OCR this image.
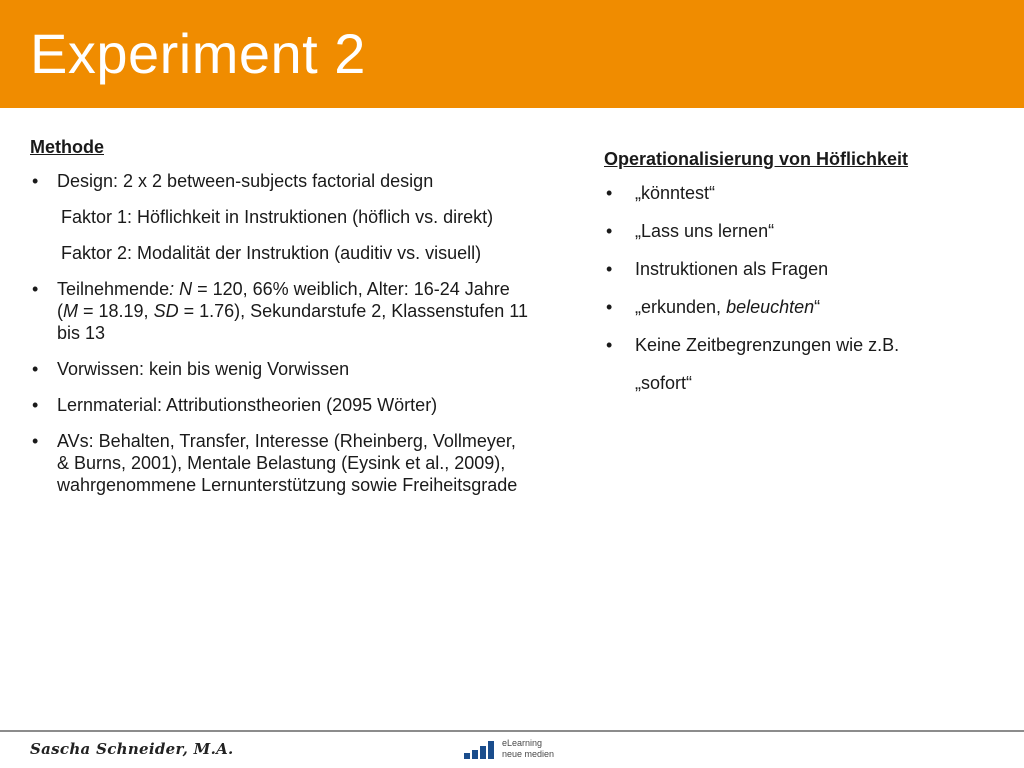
Experiment 2
Methode
• Design: 2 x 2 between-subjects factorial design
Faktor 1: Höflichkeit in Instruktionen (höflich vs. direkt)
Faktor 2: Modalität der Instruktion (auditiv vs. visuell)
• Teilnehmende: N = 120, 66% weiblich, Alter: 16-24 Jahre (M = 18.19, SD = 1.76), Sekundarstufe 2, Klassenstufen 11 bis 13
• Vorwissen: kein bis wenig Vorwissen
• Lernmaterial: Attributionstheorien (2095 Wörter)
• AVs: Behalten, Transfer, Interesse (Rheinberg, Vollmeyer, & Burns, 2001), Mentale Belastung (Eysink et al., 2009), wahrgenommene Lernunterstützung sowie Freiheitsgrade
Operationalisierung von Höflichkeit
• „könntest“
• „Lass uns lernen“
• Instruktionen als Fragen
• „erkunden, beleuchten“
• Keine Zeitbegrenzungen wie z.B.
„sofort“
Sascha Schneider, M.A.	eLearning
neue medien
